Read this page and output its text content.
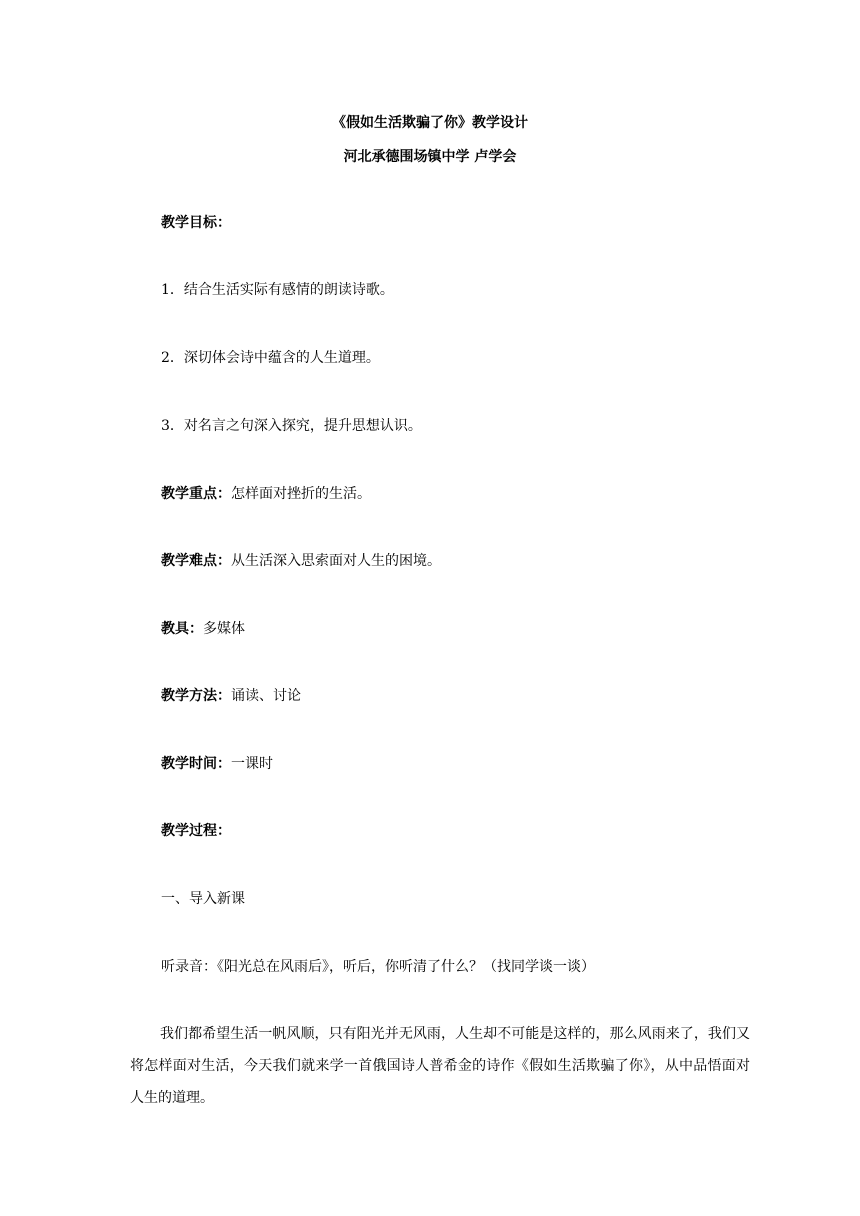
《假如生活欺骗了你》教学设计
河北承德围场镇中学 卢学会
教学目标：
1．结合生活实际有感情的朗读诗歌。
2．深切体会诗中蕴含的人生道理。
3．对名言之句深入探究，提升思想认识。
教学重点：怎样面对挫折的生活。
教学难点：从生活深入思索面对人生的困境。
教具：多媒体
教学方法：诵读、讨论
教学时间：一课时
教学过程：
一、导入新课
听录音：《阳光总在风雨后》，听后，你听清了什么？（找同学谈一谈）
我们都希望生活一帆风顺，只有阳光并无风雨，人生却不可能是这样的，那么风雨来了，我们又将怎样面对生活，今天我们就来学一首俄国诗人普希金的诗作《假如生活欺骗了你》，从中品悟面对人生的道理。
